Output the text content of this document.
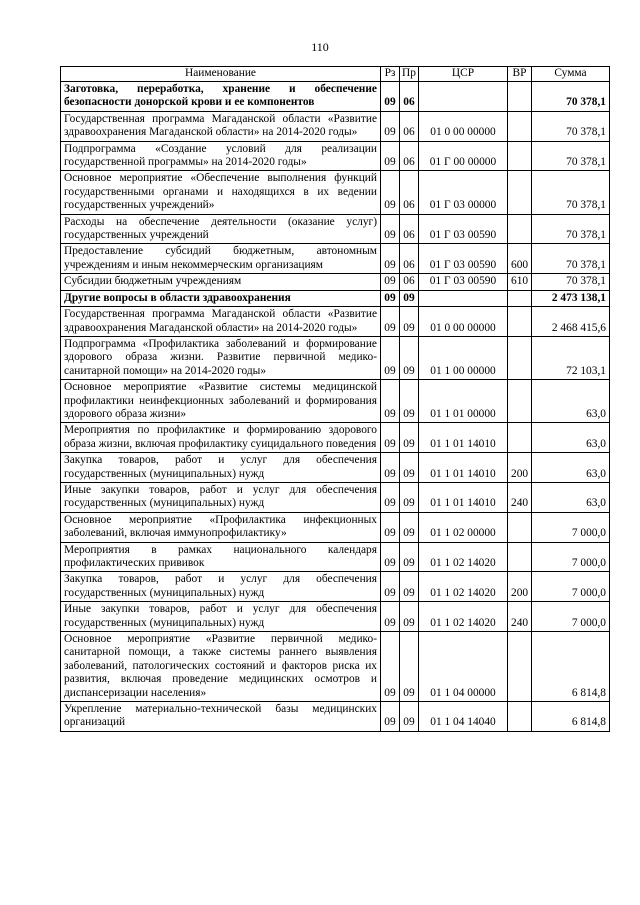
110
Наименование	Рз	Пр	ЦСР	ВР	Сумма
Заготовка, переработка, хранение и обеспечение безопасности донорской крови и ее компонентов	09	06			70 378,1
Государственная программа Магаданской области «Развитие здравоохранения Магаданской области» на 2014-2020 годы»	09	06	01 0 00 00000		70 378,1
Подпрограмма «Создание условий для реализации государственной программы» на 2014-2020 годы»	09	06	01 Г 00 00000		70 378,1
Основное мероприятие «Обеспечение выполнения функций государственными органами и находящихся в их ведении государственных учреждений»	09	06	01 Г 03 00000		70 378,1
Расходы на обеспечение деятельности (оказание услуг) государственных учреждений	09	06	01 Г 03 00590		70 378,1
Предоставление субсидий бюджетным, автономным учреждениям и иным некоммерческим организациям	09	06	01 Г 03 00590	600	70 378,1
Субсидии бюджетным учреждениям	09	06	01 Г 03 00590	610	70 378,1
Другие вопросы в области здравоохранения	09	09			2 473 138,1
Государственная программа Магаданской области «Развитие здравоохранения Магаданской области» на 2014-2020 годы»	09	09	01 0 00 00000		2 468 415,6
Подпрограмма «Профилактика заболеваний и формирование здорового образа жизни. Развитие первичной медико-санитарной помощи» на 2014-2020 годы»	09	09	01 1 00 00000		72 103,1
Основное мероприятие «Развитие системы медицинской профилактики неинфекционных заболеваний и формирования здорового образа жизни»	09	09	01 1 01 00000		63,0
Мероприятия по профилактике и формированию здорового образа жизни, включая профилактику суицидального поведения	09	09	01 1 01 14010		63,0
Закупка товаров, работ и услуг для обеспечения государственных (муниципальных) нужд	09	09	01 1 01 14010	200	63,0
Иные закупки товаров, работ и услуг для обеспечения государственных (муниципальных) нужд	09	09	01 1 01 14010	240	63,0
Основное мероприятие «Профилактика инфекционных заболеваний, включая иммунопрофилактику»	09	09	01 1 02 00000		7 000,0
Мероприятия в рамках национального календаря профилактических прививок	09	09	01 1 02 14020		7 000,0
Закупка товаров, работ и услуг для обеспечения государственных (муниципальных) нужд	09	09	01 1 02 14020	200	7 000,0
Иные закупки товаров, работ и услуг для обеспечения государственных (муниципальных) нужд	09	09	01 1 02 14020	240	7 000,0
Основное мероприятие «Развитие первичной медико-санитарной помощи, а также системы раннего выявления заболеваний, патологических состояний и факторов риска их развития, включая проведение медицинских осмотров и диспансеризации населения»	09	09	01 1 04 00000		6 814,8
Укрепление материально-технической базы медицинских организаций	09	09	01 1 04 14040		6 814,8
